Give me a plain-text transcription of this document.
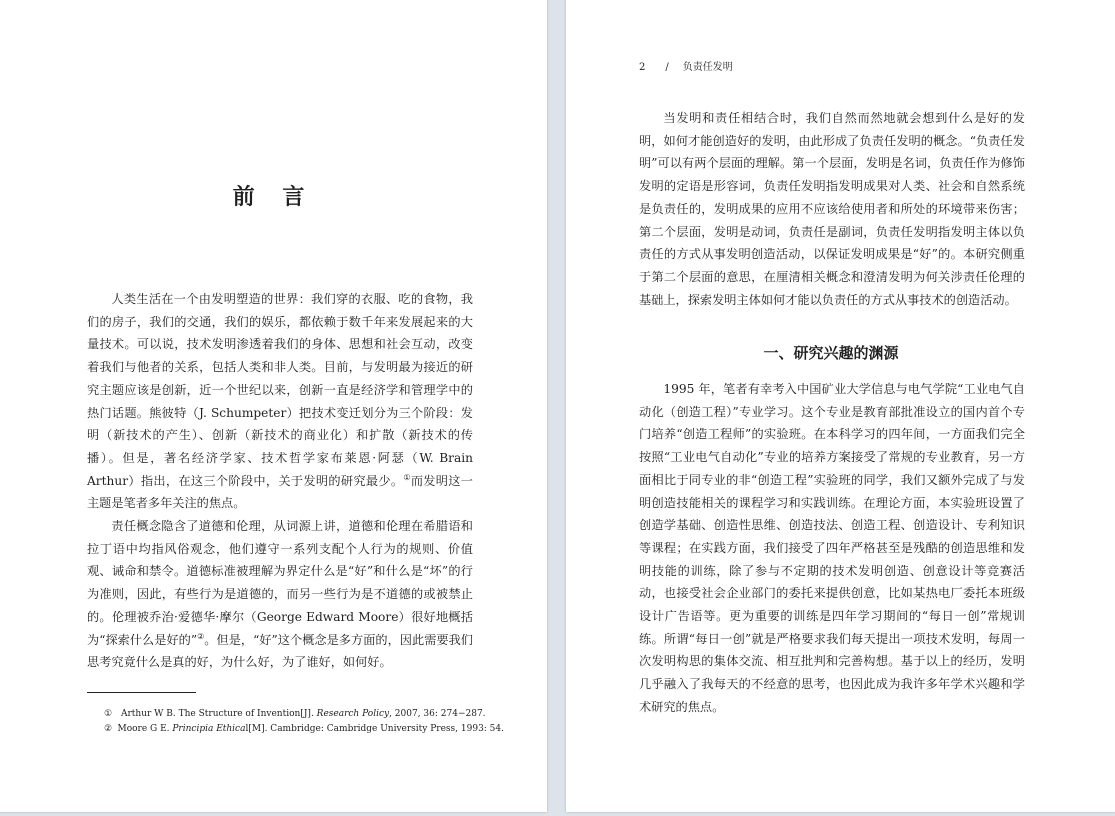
前 言

人类生活在一个由发明塑造的世界：我们穿的衣服、吃的食物，我们的房子，我们的交通，我们的娱乐，都依赖于数千年来发展起来的大量技术。可以说，技术发明渗透着我们的身体、思想和社会互动，改变着我们与他者的关系，包括人类和非人类。目前，与发明最为接近的研究主题应该是创新，近一个世纪以来，创新一直是经济学和管理学中的热门话题。熊彼特（J. Schumpeter）把技术变迁划分为三个阶段：发明（新技术的产生）、创新（新技术的商业化）和扩散（新技术的传播）。但是，著名经济学家、技术哲学家布莱恩·阿瑟（W. Brain Arthur）指出，在这三个阶段中，关于发明的研究最少。①而发明这一主题是笔者多年关注的焦点。

责任概念隐含了道德和伦理，从词源上讲，道德和伦理在希腊语和拉丁语中均指风俗观念，他们遵守一系列支配个人行为的规则、价值观、诫命和禁令。道德标准被理解为界定什么是“好”和什么是“坏”的行为准则，因此，有些行为是道德的，而另一些行为是不道德的或被禁止的。伦理被乔治·爱德华·摩尔（George Edward Moore）很好地概括为“探索什么是好的”②。但是，“好”这个概念是多方面的，因此需要我们思考究竟什么是真的好，为什么好，为了谁好，如何好。

① Arthur W B. The Structure of Invention[J]. Research Policy, 2007, 36: 274−287.
② Moore G E. Principia Ethical[M]. Cambridge: Cambridge University Press, 1993: 54.
2 / 负责任发明

当发明和责任相结合时，我们自然而然地就会想到什么是好的发明，如何才能创造好的发明，由此形成了负责任发明的概念。“负责任发明”可以有两个层面的理解。第一个层面，发明是名词，负责任作为修饰发明的定语是形容词，负责任发明指发明成果对人类、社会和自然系统是负责任的，发明成果的应用不应该给使用者和所处的环境带来伤害；第二个层面，发明是动词，负责任是副词，负责任发明指发明主体以负责任的方式从事发明创造活动，以保证发明成果是“好”的。本研究侧重于第二个层面的意思，在厘清相关概念和澄清发明为何关涉责任伦理的基础上，探索发明主体如何才能以负责任的方式从事技术的创造活动。

一、研究兴趣的渊源

1995 年，笔者有幸考入中国矿业大学信息与电气学院“工业电气自动化（创造工程）”专业学习。这个专业是教育部批准设立的国内首个专门培养“创造工程师”的实验班。在本科学习的四年间，一方面我们完全按照“工业电气自动化”专业的培养方案接受了常规的专业教育，另一方面相比于同专业的非“创造工程”实验班的同学，我们又额外完成了与发明创造技能相关的课程学习和实践训练。在理论方面，本实验班设置了创造学基础、创造性思维、创造技法、创造工程、创造设计、专利知识等课程；在实践方面，我们接受了四年严格甚至是残酷的创造思维和发明技能的训练，除了参与不定期的技术发明创造、创意设计等竞赛活动，也接受社会企业部门的委托来提供创意，比如某热电厂委托本班级设计广告语等。更为重要的训练是四年学习期间的“每日一创”常规训练。所谓“每日一创”就是严格要求我们每天提出一项技术发明，每周一次发明构思的集体交流、相互批判和完善构想。基于以上的经历，发明几乎融入了我每天的不经意的思考，也因此成为我许多年学术兴趣和学术研究的焦点。
